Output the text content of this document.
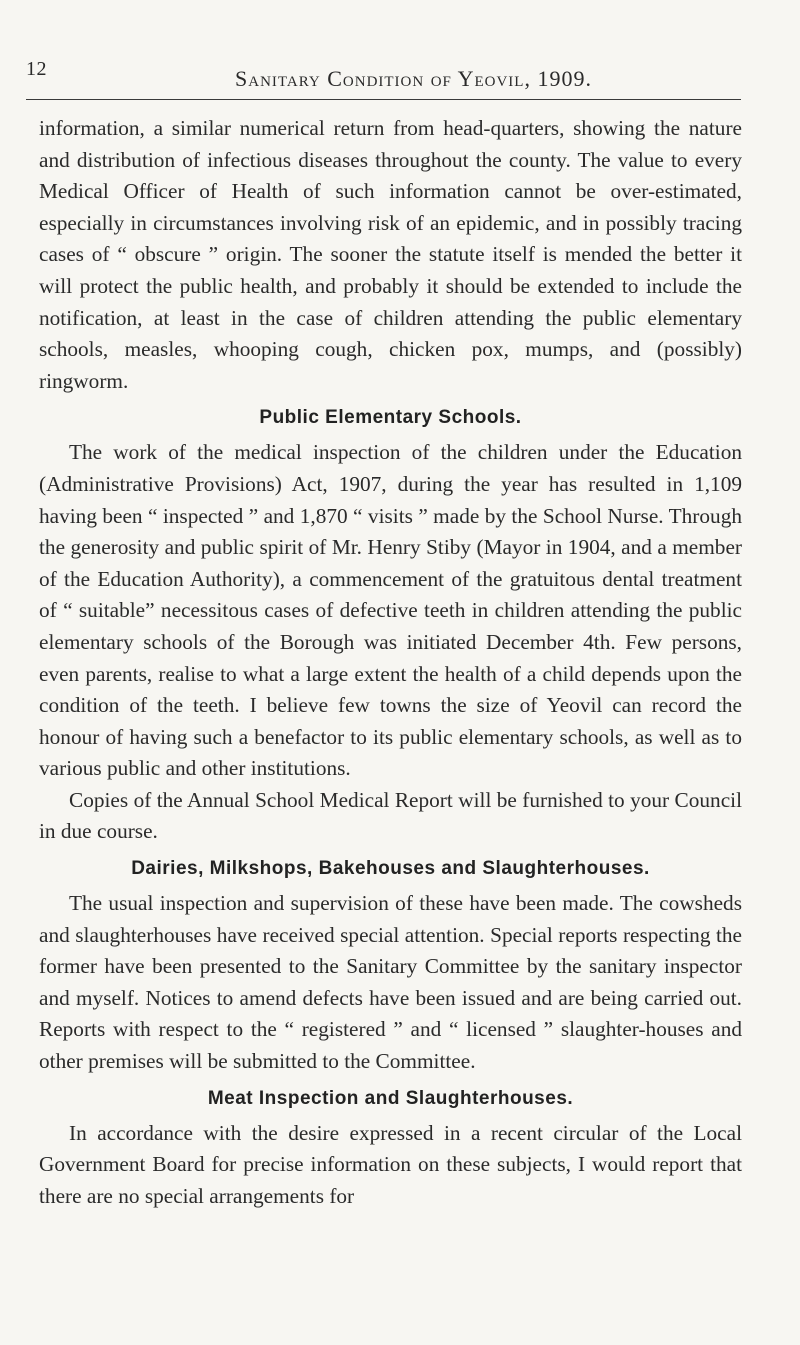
12	Sanitary Condition of Yeovil, 1909.

information, a similar numerical return from head-quarters, showing the nature and distribution of infectious diseases throughout the county. The value to every Medical Officer of Health of such information cannot be over-estimated, especially in circumstances involving risk of an epidemic, and in possibly tracing cases of “ obscure ” origin. The sooner the statute itself is mended the better it will protect the public health, and probably it should be extended to include the notification, at least in the case of children attending the public elementary schools, measles, whooping cough, chicken pox, mumps, and (possibly) ringworm.

Public Elementary Schools.

The work of the medical inspection of the children under the Education (Administrative Provisions) Act, 1907, during the year has resulted in 1,109 having been “ inspected ” and 1,870 “ visits ” made by the School Nurse. Through the generosity and public spirit of Mr. Henry Stiby (Mayor in 1904, and a member of the Education Authority), a commencement of the gratuitous dental treatment of “ suitable” necessitous cases of defective teeth in children attending the public elementary schools of the Borough was initiated December 4th. Few persons, even parents, realise to what a large extent the health of a child depends upon the condition of the teeth. I believe few towns the size of Yeovil can record the honour of having such a benefactor to its public elementary schools, as well as to various public and other institutions.

Copies of the Annual School Medical Report will be furnished to your Council in due course.

Dairies, Milkshops, Bakehouses and Slaughterhouses.

The usual inspection and supervision of these have been made. The cowsheds and slaughterhouses have received special attention. Special reports respecting the former have been presented to the Sanitary Committee by the sanitary inspector and myself. Notices to amend defects have been issued and are being carried out. Reports with respect to the “ registered ” and “ licensed ” slaughter-houses and other premises will be submitted to the Committee.

Meat Inspection and Slaughterhouses.

In accordance with the desire expressed in a recent circular of the Local Government Board for precise information on these subjects, I would report that there are no special arrangements for
